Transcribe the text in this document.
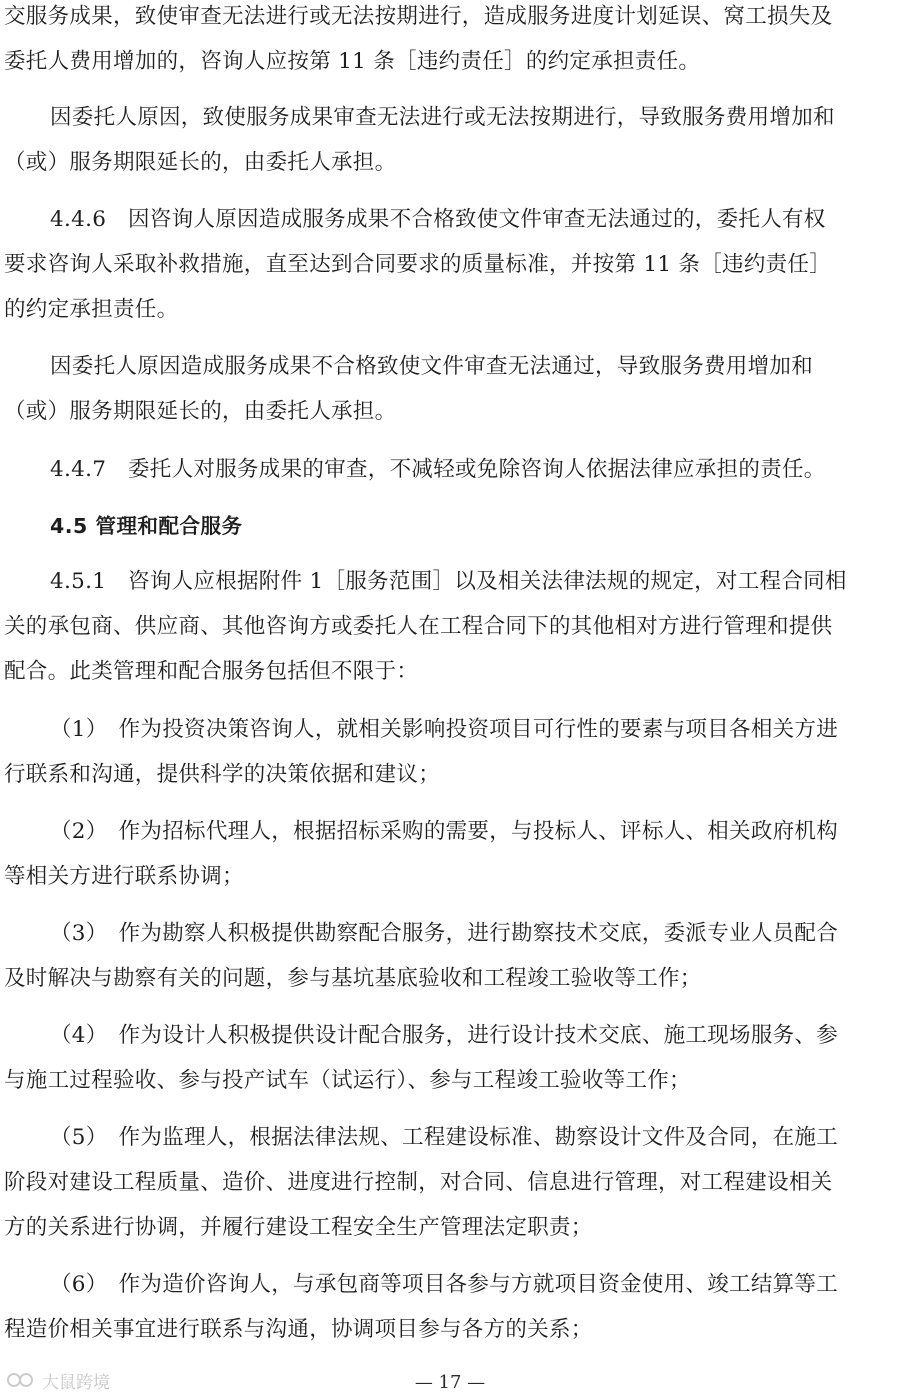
交服务成果，致使审查无法进行或无法按期进行，造成服务进度计划延误、窝工损失及
委托人费用增加的，咨询人应按第 11 条［违约责任］的约定承担责任。
因委托人原因，致使服务成果审查无法进行或无法按期进行，导致服务费用增加和
（或）服务期限延长的，由委托人承担。
4.4.6　因咨询人原因造成服务成果不合格致使文件审查无法通过的，委托人有权
要求咨询人采取补救措施，直至达到合同要求的质量标准，并按第 11 条［违约责任］
的约定承担责任。
因委托人原因造成服务成果不合格致使文件审查无法通过，导致服务费用增加和
（或）服务期限延长的，由委托人承担。
4.4.7　委托人对服务成果的审查，不减轻或免除咨询人依据法律应承担的责任。
4.5 管理和配合服务
4.5.1　咨询人应根据附件 1［服务范围］以及相关法律法规的规定，对工程合同相
关的承包商、供应商、其他咨询方或委托人在工程合同下的其他相对方进行管理和提供
配合。此类管理和配合服务包括但不限于：
（1）　作为投资决策咨询人，就相关影响投资项目可行性的要素与项目各相关方进
行联系和沟通，提供科学的决策依据和建议；
（2）　作为招标代理人，根据招标采购的需要，与投标人、评标人、相关政府机构
等相关方进行联系协调；
（3）　作为勘察人积极提供勘察配合服务，进行勘察技术交底，委派专业人员配合
及时解决与勘察有关的问题，参与基坑基底验收和工程竣工验收等工作；
（4）　作为设计人积极提供设计配合服务，进行设计技术交底、施工现场服务、参
与施工过程验收、参与投产试车（试运行）、参与工程竣工验收等工作；
（5）　作为监理人，根据法律法规、工程建设标准、勘察设计文件及合同，在施工
阶段对建设工程质量、造价、进度进行控制，对合同、信息进行管理，对工程建设相关
方的关系进行协调，并履行建设工程安全生产管理法定职责；
（6）　作为造价咨询人，与承包商等项目各参与方就项目资金使用、竣工结算等工
程造价相关事宜进行联系与沟通，协调项目参与各方的关系；
— 17 —
大鼠跨境
